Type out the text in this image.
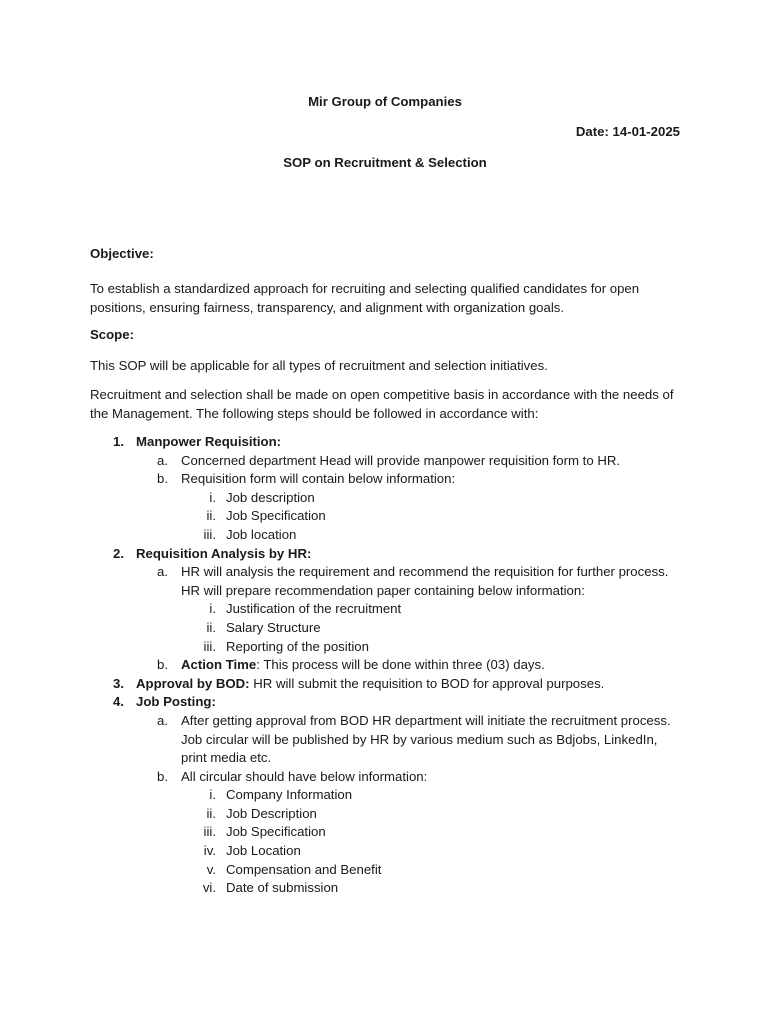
Mir Group of Companies
Date: 14-01-2025
SOP on Recruitment & Selection
Objective:
To establish a standardized approach for recruiting and selecting qualified candidates for open positions, ensuring fairness, transparency, and alignment with organization goals.
Scope:
This SOP will be applicable for all types of recruitment and selection initiatives.
Recruitment and selection shall be made on open competitive basis in accordance with the needs of the Management. The following steps should be followed in accordance with:
1. Manpower Requisition:
a. Concerned department Head will provide manpower requisition form to HR.
b. Requisition form will contain below information:
i. Job description
ii. Job Specification
iii. Job location
2. Requisition Analysis by HR:
a. HR will analysis the requirement and recommend the requisition for further process. HR will prepare recommendation paper containing below information:
i. Justification of the recruitment
ii. Salary Structure
iii. Reporting of the position
b. Action Time: This process will be done within three (03) days.
3. Approval by BOD: HR will submit the requisition to BOD for approval purposes.
4. Job Posting:
a. After getting approval from BOD HR department will initiate the recruitment process. Job circular will be published by HR by various medium such as Bdjobs, LinkedIn, print media etc.
b. All circular should have below information:
i. Company Information
ii. Job Description
iii. Job Specification
iv. Job Location
v. Compensation and Benefit
vi. Date of submission
